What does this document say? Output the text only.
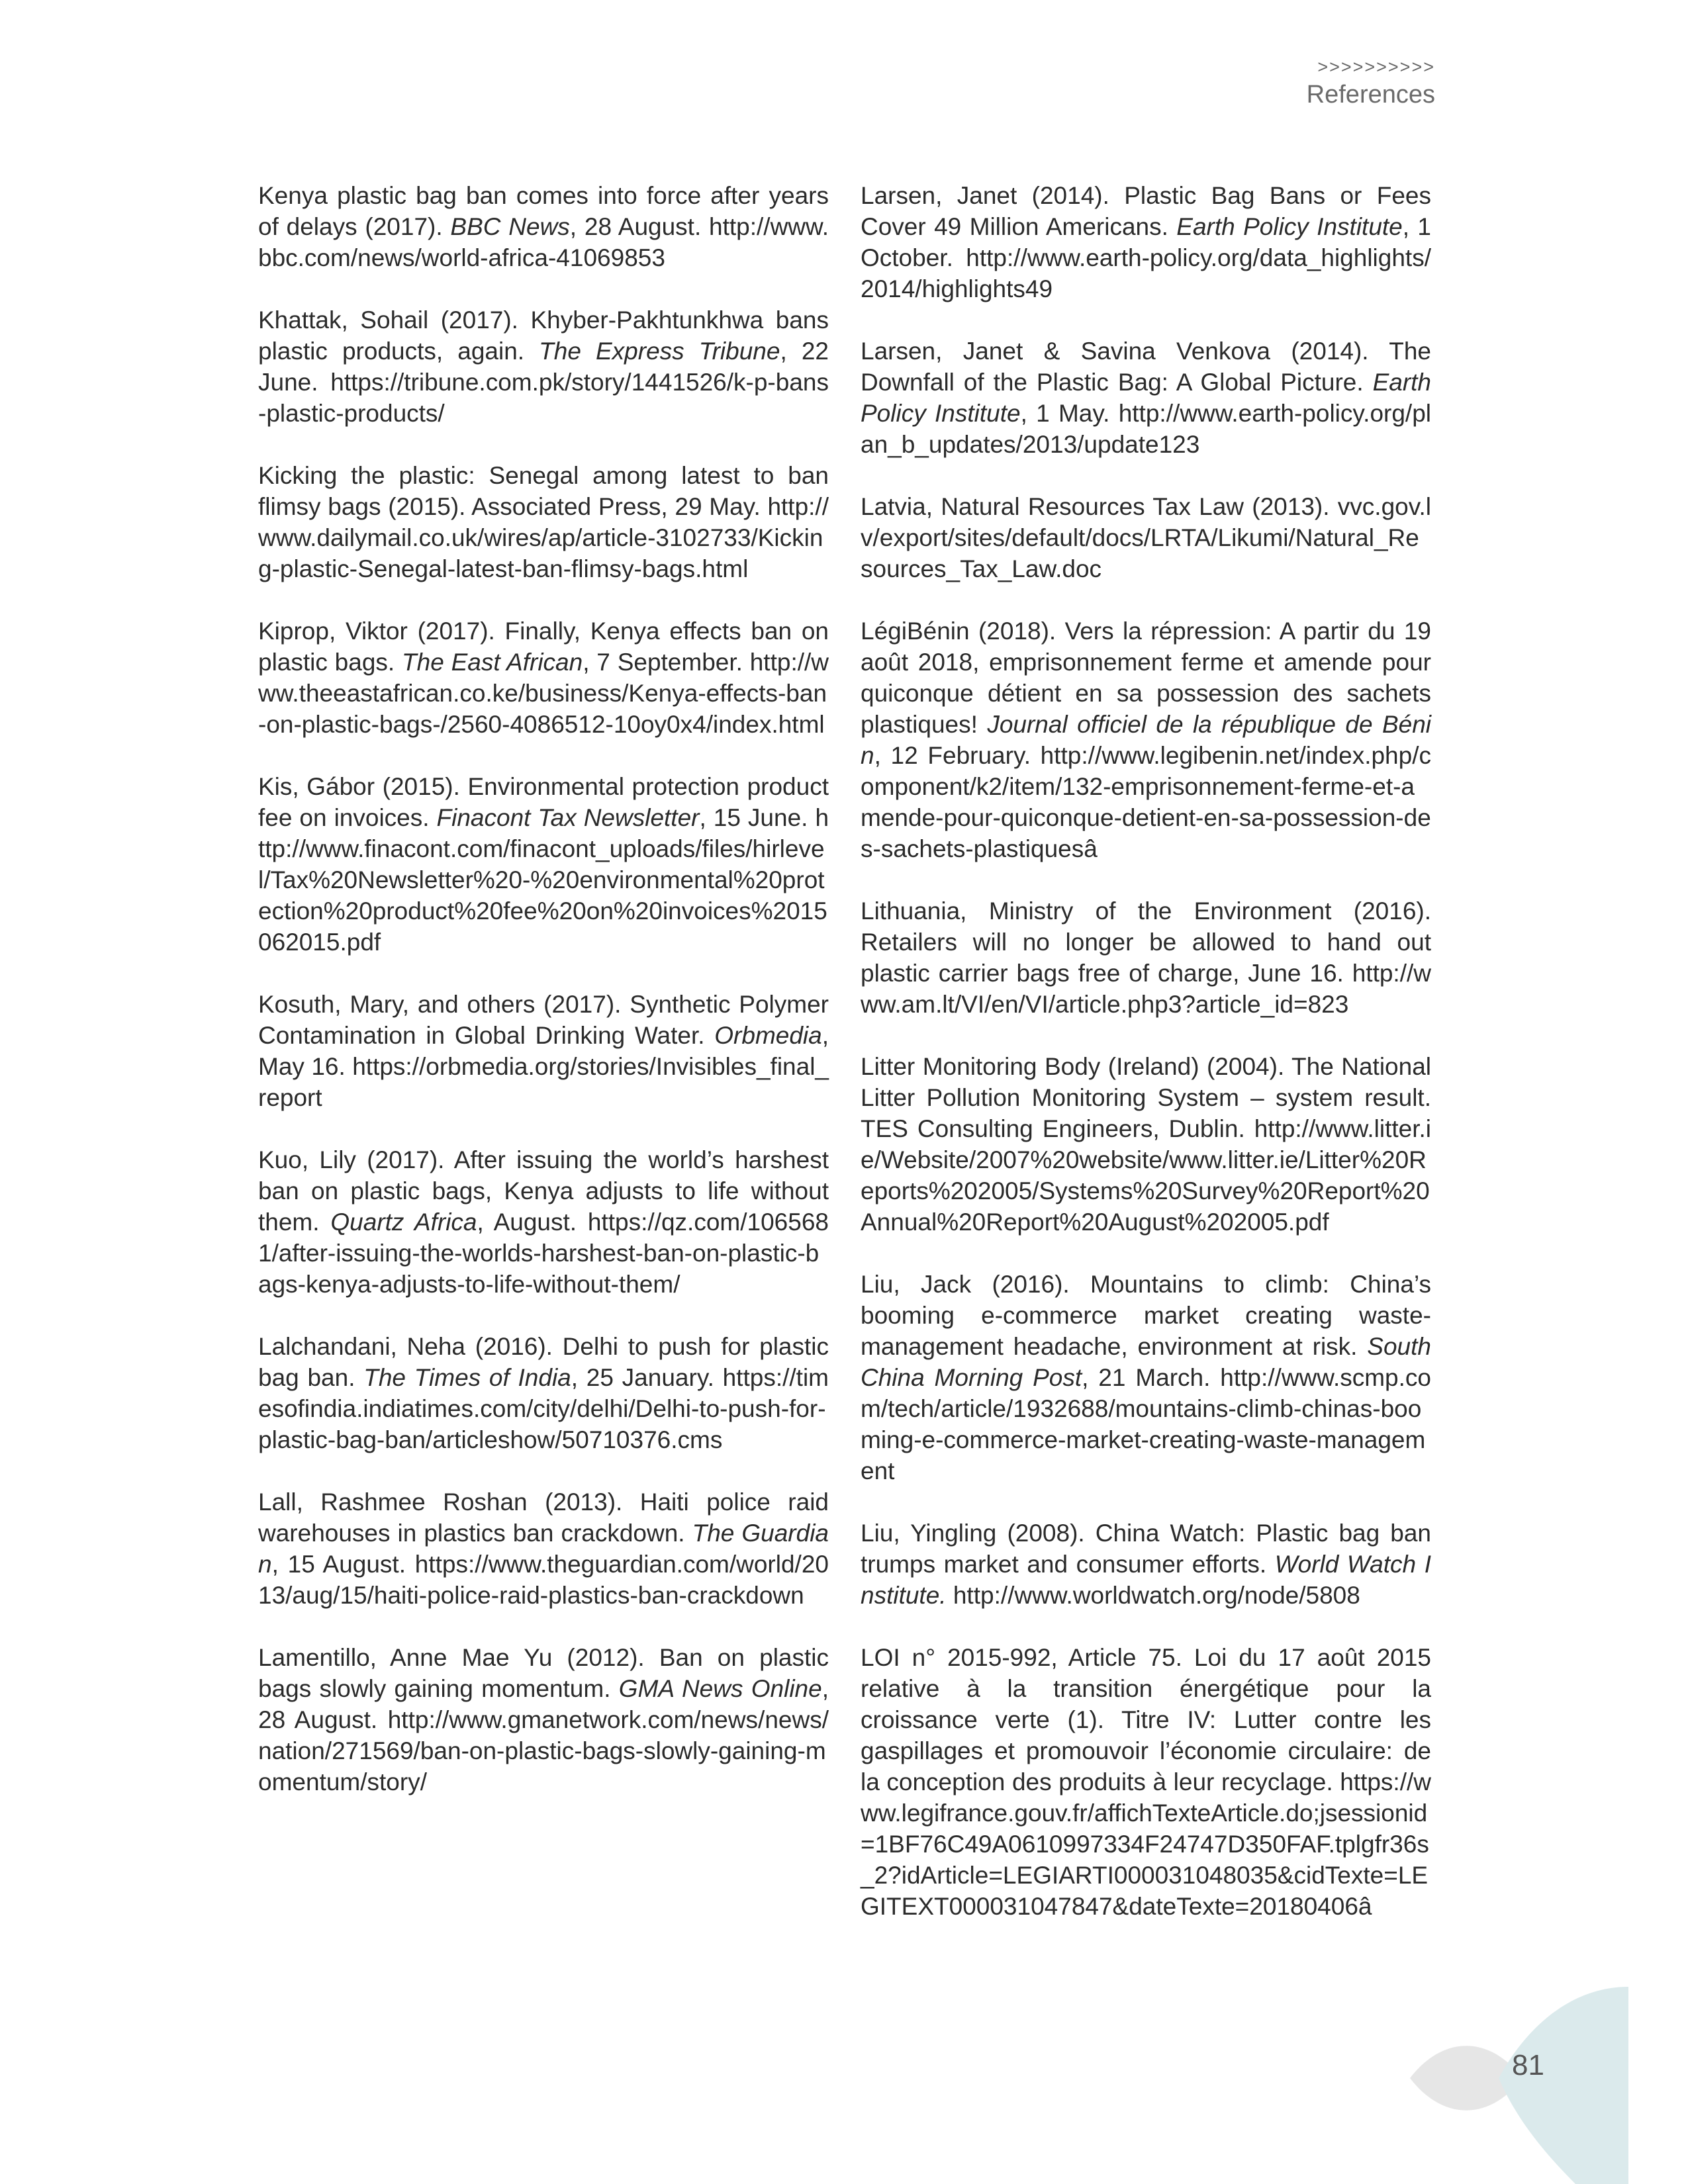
>>>>>>>>>>
References

Kenya plastic bag ban comes into force after years of delays (2017). BBC News, 28 August. http://www.bbc.com/news/world-africa-41069853

Khattak, Sohail (2017). Khyber-Pakhtunkhwa bans plastic products, again. The Express Tribune, 22 June. https://tribune.com.pk/story/1441526/k-p-bans-plastic-products/

Kicking the plastic: Senegal among latest to ban flimsy bags (2015). Associated Press, 29 May. http://www.dailymail.co.uk/wires/ap/article-3102733/Kicking-plastic-Senegal-latest-ban-flimsy-bags.html

Kiprop, Viktor (2017). Finally, Kenya effects ban on plastic bags. The East African, 7 September. http://www.theeastafrican.co.ke/business/Kenya-effects-ban-on-plastic-bags-/2560-4086512-10oy0x4/index.html

Kis, Gábor (2015). Environmental protection product fee on invoices. Finacont Tax Newsletter, 15 June. http://www.finacont.com/finacont_uploads/files/hirlevel/Tax%20Newsletter%20-%20environmental%20protection%20product%20fee%20on%20invoices%2015062015.pdf

Kosuth, Mary, and others (2017). Synthetic Polymer Contamination in Global Drinking Water. Orbmedia, May 16. https://orbmedia.org/stories/Invisibles_final_report

Kuo, Lily (2017). After issuing the world’s harshest ban on plastic bags, Kenya adjusts to life without them. Quartz Africa, August. https://qz.com/1065681/after-issuing-the-worlds-harshest-ban-on-plastic-bags-kenya-adjusts-to-life-without-them/

Lalchandani, Neha (2016). Delhi to push for plastic bag ban. The Times of India, 25 January. https://timesofindia.indiatimes.com/city/delhi/Delhi-to-push-for-plastic-bag-ban/articleshow/50710376.cms

Lall, Rashmee Roshan (2013). Haiti police raid warehouses in plastics ban crackdown. The Guardian, 15 August. https://www.theguardian.com/world/2013/aug/15/haiti-police-raid-plastics-ban-crackdown

Lamentillo, Anne Mae Yu (2012). Ban on plastic bags slowly gaining momentum. GMA News Online, 28 August. http://www.gmanetwork.com/news/news/nation/271569/ban-on-plastic-bags-slowly-gaining-momentum/story/

Larsen, Janet (2014). Plastic Bag Bans or Fees Cover 49 Million Americans. Earth Policy Institute, 1 October. http://www.earth-policy.org/data_highlights/2014/highlights49

Larsen, Janet & Savina Venkova (2014). The Downfall of the Plastic Bag: A Global Picture. Earth Policy Institute, 1 May. http://www.earth-policy.org/plan_b_updates/2013/update123

Latvia, Natural Resources Tax Law (2013). vvc.gov.lv/export/sites/default/docs/LRTA/Likumi/Natural_Resources_Tax_Law.doc

LégiBénin (2018). Vers la répression: A partir du 19 août 2018, emprisonnement ferme et amende pour quiconque détient en sa possession des sachets plastiques! Journal officiel de la république de Bénin, 12 February. http://www.legibenin.net/index.php/component/k2/item/132-emprisonnement-ferme-et-amende-pour-quiconque-detient-en-sa-possession-des-sachets-plastiquesâ

Lithuania, Ministry of the Environment (2016). Retailers will no longer be allowed to hand out plastic carrier bags free of charge, June 16. http://www.am.lt/VI/en/VI/article.php3?article_id=823

Litter Monitoring Body (Ireland) (2004). The National Litter Pollution Monitoring System – system result. TES Consulting Engineers, Dublin. http://www.litter.ie/Website/2007%20website/www.litter.ie/Litter%20Reports%202005/Systems%20Survey%20Report%20Annual%20Report%20August%202005.pdf

Liu, Jack (2016). Mountains to climb: China’s booming e-commerce market creating waste-management headache, environment at risk. South China Morning Post, 21 March. http://www.scmp.com/tech/article/1932688/mountains-climb-chinas-booming-e-commerce-market-creating-waste-management

Liu, Yingling (2008). China Watch: Plastic bag ban trumps market and consumer efforts. World Watch Institute. http://www.worldwatch.org/node/5808

LOI n° 2015-992, Article 75. Loi du 17 août 2015 relative à la transition énergétique pour la croissance verte (1). Titre IV: Lutter contre les gaspillages et promouvoir l’économie circulaire: de la conception des produits à leur recyclage. https://www.legifrance.gouv.fr/affichTexteArticle.do;jsessionid=1BF76C49A0610997334F24747D350FAF.tplgfr36s_2?idArticle=LEGIARTI000031048035&cidTexte=LEGITEXT000031047847&dateTexte=20180406â

81
